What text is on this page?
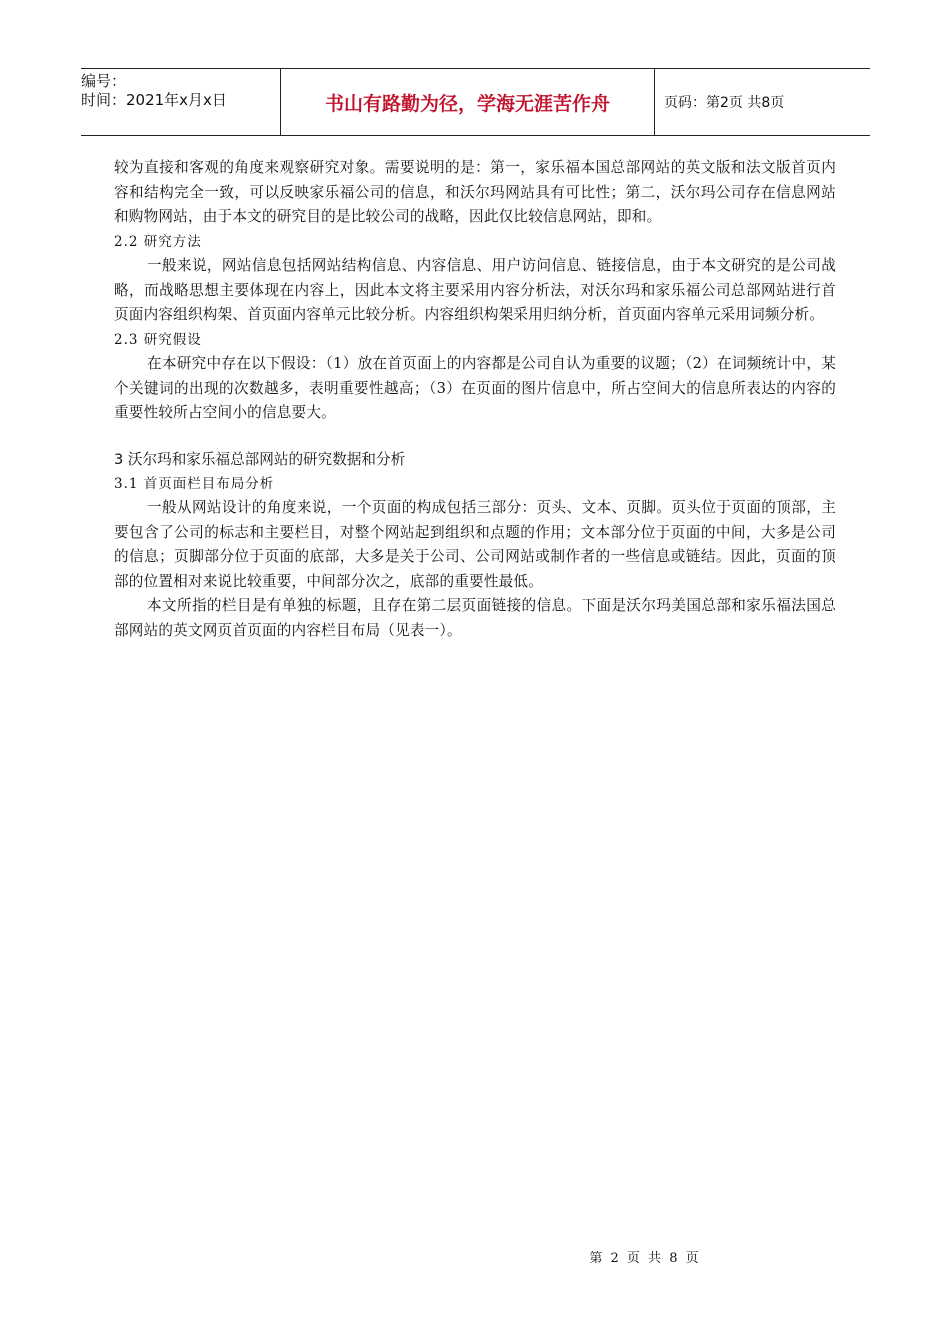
编号：
时间：2021年x月x日	书山有路勤为径，学海无涯苦作舟	页码：第2页 共8页

较为直接和客观的角度来观察研究对象。需要说明的是：第一，家乐福本国总部网站的英文版和法文版首页内容和结构完全一致，可以反映家乐福公司的信息，和沃尔玛网站具有可比性；第二，沃尔玛公司存在信息网站和购物网站，由于本文的研究目的是比较公司的战略，因此仅比较信息网站，即和。

2.2 研究方法

一般来说，网站信息包括网站结构信息、内容信息、用户访问信息、链接信息，由于本文研究的是公司战略，而战略思想主要体现在内容上，因此本文将主要采用内容分析法，对沃尔玛和家乐福公司总部网站进行首页面内容组织构架、首页面内容单元比较分析。内容组织构架采用归纳分析，首页面内容单元采用词频分析。

2.3 研究假设

在本研究中存在以下假设：（1）放在首页面上的内容都是公司自认为重要的议题；（2）在词频统计中，某个关键词的出现的次数越多，表明重要性越高；（3）在页面的图片信息中，所占空间大的信息所表达的内容的重要性较所占空间小的信息要大。

3 沃尔玛和家乐福总部网站的研究数据和分析

3.1 首页面栏目布局分析

一般从网站设计的角度来说，一个页面的构成包括三部分：页头、文本、页脚。页头位于页面的顶部，主要包含了公司的标志和主要栏目，对整个网站起到组织和点题的作用；文本部分位于页面的中间，大多是公司的信息；页脚部分位于页面的底部，大多是关于公司、公司网站或制作者的一些信息或链结。因此，页面的顶部的位置相对来说比较重要，中间部分次之，底部的重要性最低。

本文所指的栏目是有单独的标题，且存在第二层页面链接的信息。下面是沃尔玛美国总部和家乐福法国总部网站的英文网页首页面的内容栏目布局（见表一）。

第 2 页 共 8 页
